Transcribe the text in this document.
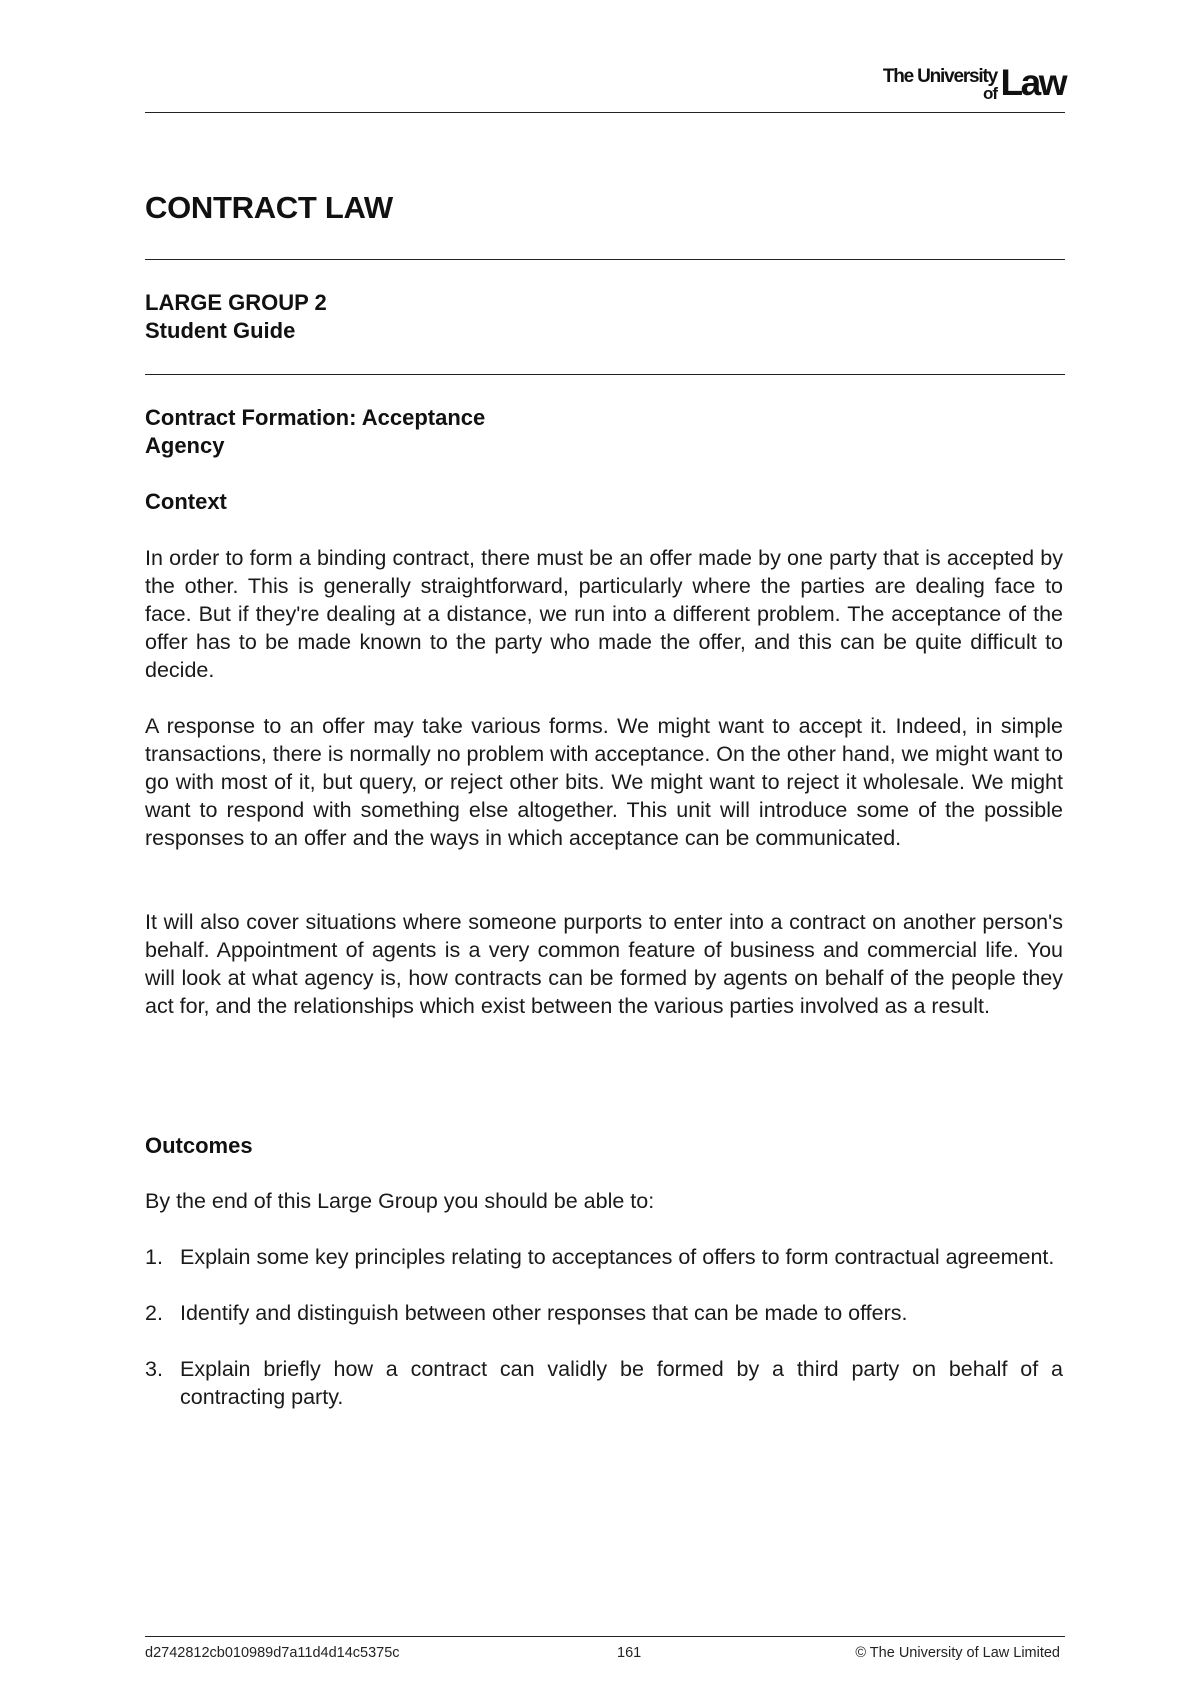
The University
of Law
CONTRACT LAW
LARGE GROUP 2
Student Guide
Contract Formation: Acceptance
Agency
Context
In order to form a binding contract, there must be an offer made by one party that is accepted by the other. This is generally straightforward, particularly where the parties are dealing face to face. But if they're dealing at a distance, we run into a different problem. The acceptance of the offer has to be made known to the party who made the offer, and this can be quite difficult to decide.
A response to an offer may take various forms. We might want to accept it. Indeed, in simple transactions, there is normally no problem with acceptance. On the other hand, we might want to go with most of it, but query, or reject other bits. We might want to reject it wholesale. We might want to respond with something else altogether. This unit will introduce some of the possible responses to an offer and the ways in which acceptance can be communicated.
It will also cover situations where someone purports to enter into a contract on another person's behalf. Appointment of agents is a very common feature of business and commercial life. You will look at what agency is, how contracts can be formed by agents on behalf of the people they act for, and the relationships which exist between the various parties involved as a result.
Outcomes
By the end of this Large Group you should be able to:
1. Explain some key principles relating to acceptances of offers to form contractual agreement.
2. Identify and distinguish between other responses that can be made to offers.
3. Explain briefly how a contract can validly be formed by a third party on behalf of a contracting party.
d2742812cb010989d7a11d4d14c5375c	161	© The University of Law Limited
